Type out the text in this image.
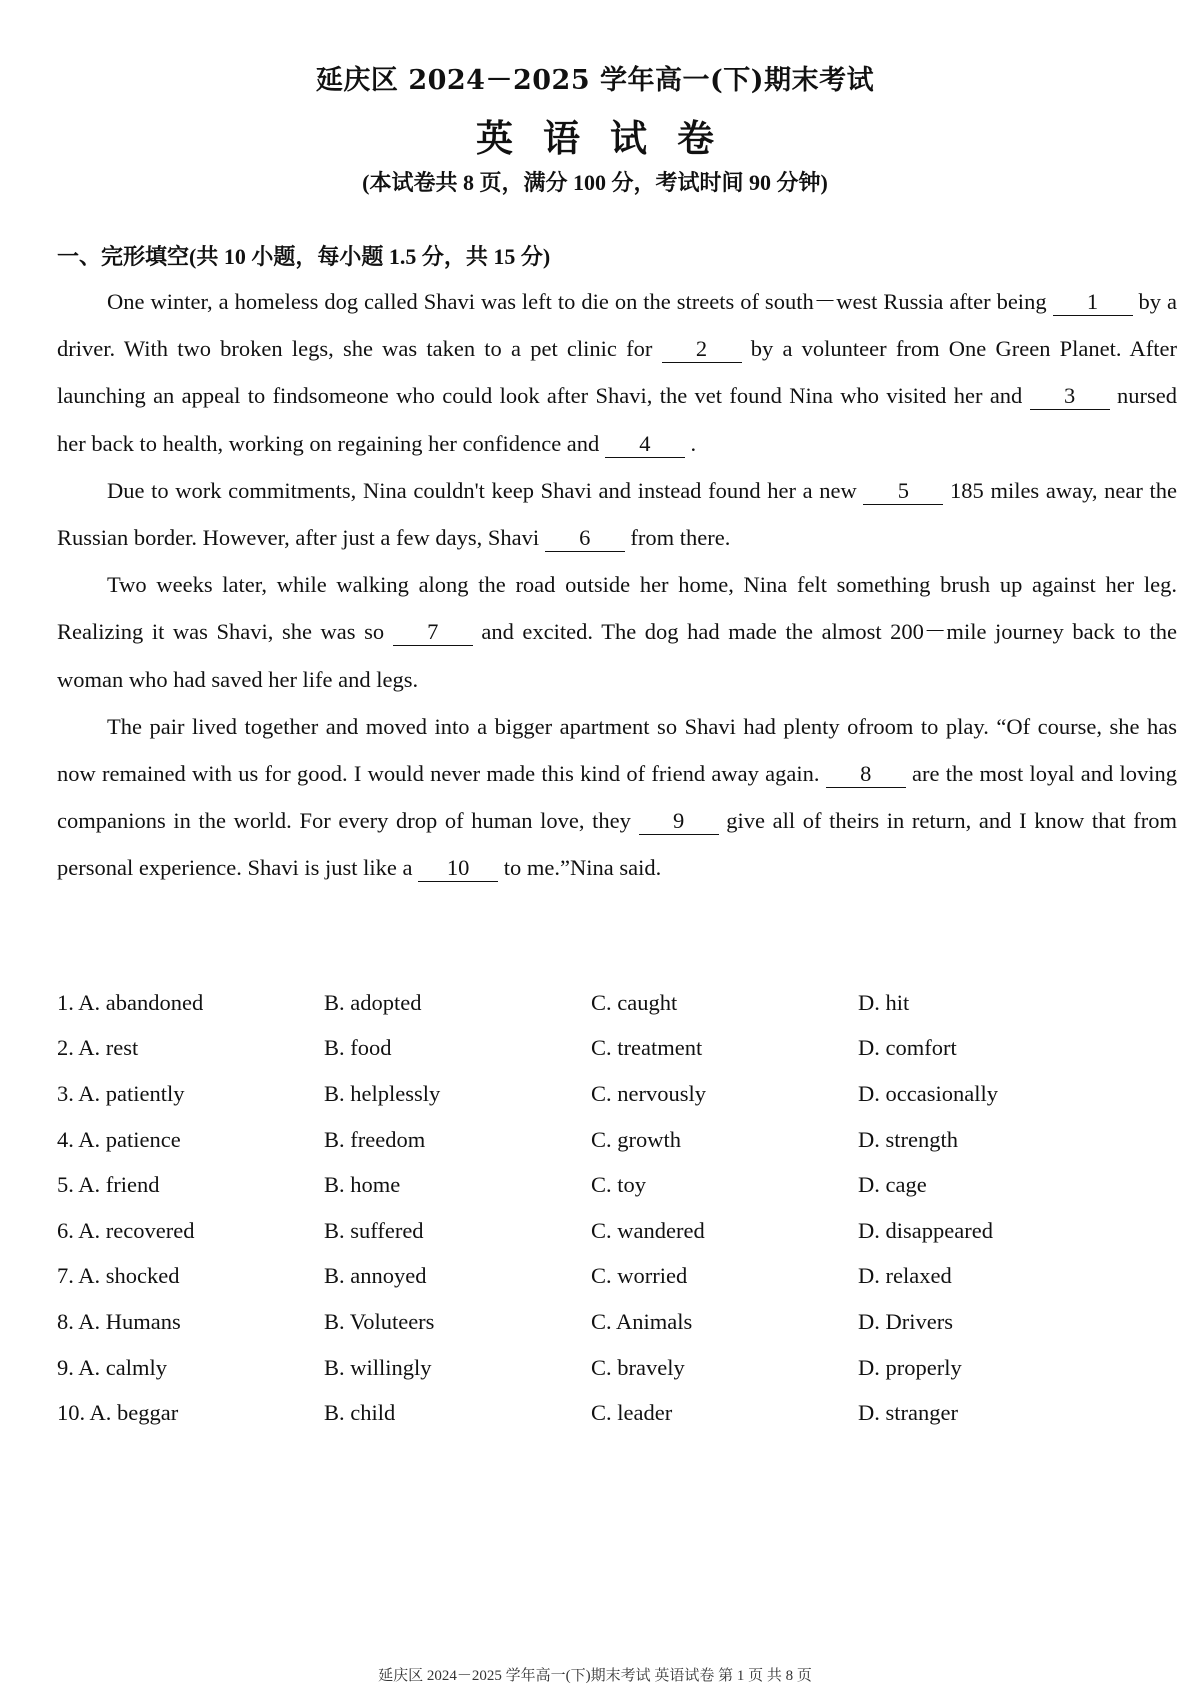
延庆区 2024－2025 学年高一(下)期末考试
英 语 试 卷
(本试卷共 8 页，满分 100 分，考试时间 90 分钟)
一、完形填空(共 10 小题，每小题 1.5 分，共 15 分)

One winter, a homeless dog called Shavi was left to die on the streets of south－west Russia after being 1 by a driver. With two broken legs, she was taken to a pet clinic for 2 by a volunteer from One Green Planet. After launching an appeal to findsomeone who could look after Shavi, the vet found Nina who visited her and 3 nursed her back to health, working on regaining her confidence and 4 .

Due to work commitments, Nina couldn't keep Shavi and instead found her a new 5 185 miles away, near the Russian border. However, after just a few days, Shavi 6 from there.

Two weeks later, while walking along the road outside her home, Nina felt something brush up against her leg. Realizing it was Shavi, she was so 7 and excited. The dog had made the almost 200－mile journey back to the woman who had saved her life and legs.

The pair lived together and moved into a bigger apartment so Shavi had plenty ofroom to play. “Of course, she has now remained with us for good. I would never made this kind of friend away again. 8 are the most loyal and loving companions in the world. For every drop of human love, they 9 give all of theirs in return, and I know that from personal experience. Shavi is just like a 10 to me.”Nina said.

1. A. abandoned	B. adopted	C. caught	D. hit
2. A. rest	B. food	C. treatment	D. comfort
3. A. patiently	B. helplessly	C. nervously	D. occasionally
4. A. patience	B. freedom	C. growth	D. strength
5. A. friend	B. home	C. toy	D. cage
6. A. recovered	B. suffered	C. wandered	D. disappeared
7. A. shocked	B. annoyed	C. worried	D. relaxed
8. A. Humans	B. Voluteers	C. Animals	D. Drivers
9. A. calmly	B. willingly	C. bravely	D. properly
10. A. beggar	B. child	C. leader	D. stranger
延庆区 2024－2025 学年高一(下)期末考试 英语试卷 第 1 页 共 8 页
